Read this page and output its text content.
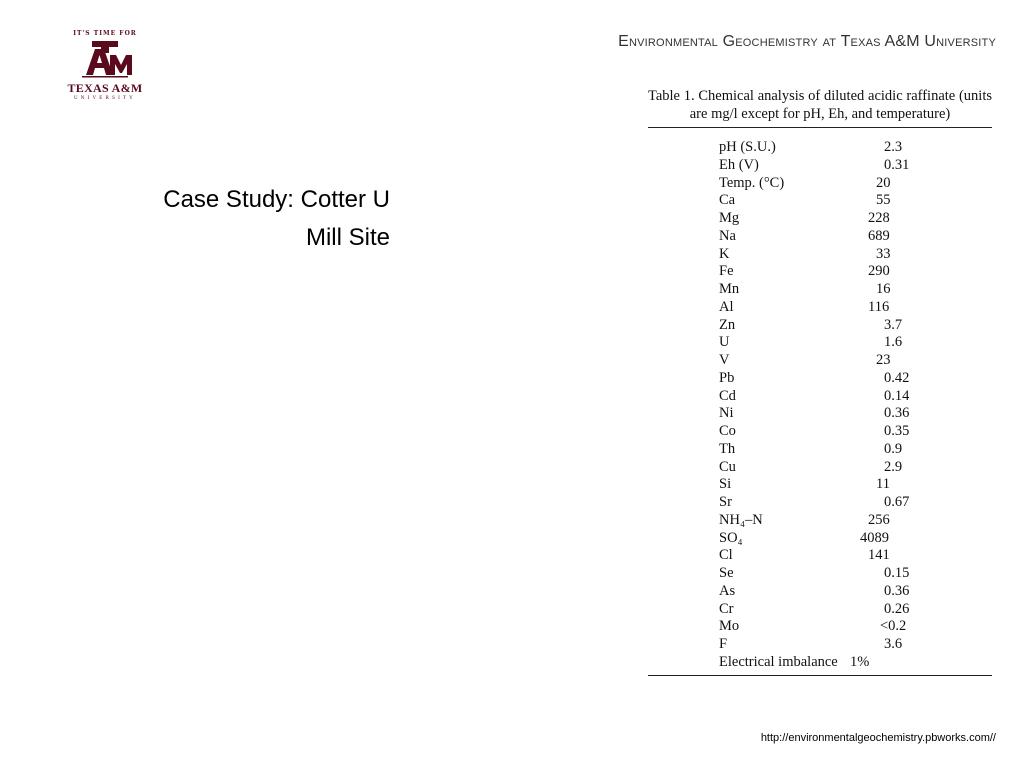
IT'S TIME FOR
TEXAS A&M
UNIVERSITY
Environmental Geochemistry at Texas A&M University
Case Study: Cotter U
Mill Site
Table 1. Chemical analysis of diluted acidic raffinate (units are mg/l except for pH, Eh, and temperature)
pH (S.U.)	2.3
Eh (V)	0.31
Temp. (°C)	20
Ca	55
Mg	228
Na	689
K	33
Fe	290
Mn	16
Al	116
Zn	3.7
U	1.6
V	23
Pb	0.42
Cd	0.14
Ni	0.36
Co	0.35
Th	0.9
Cu	2.9
Si	11
Sr	0.67
NH₄–N	256
SO₄	4089
Cl	141
Se	0.15
As	0.36
Cr	0.26
Mo	<0.2
F	3.6
Electrical imbalance 1%
http://environmentalgeochemistry.pbworks.com//
